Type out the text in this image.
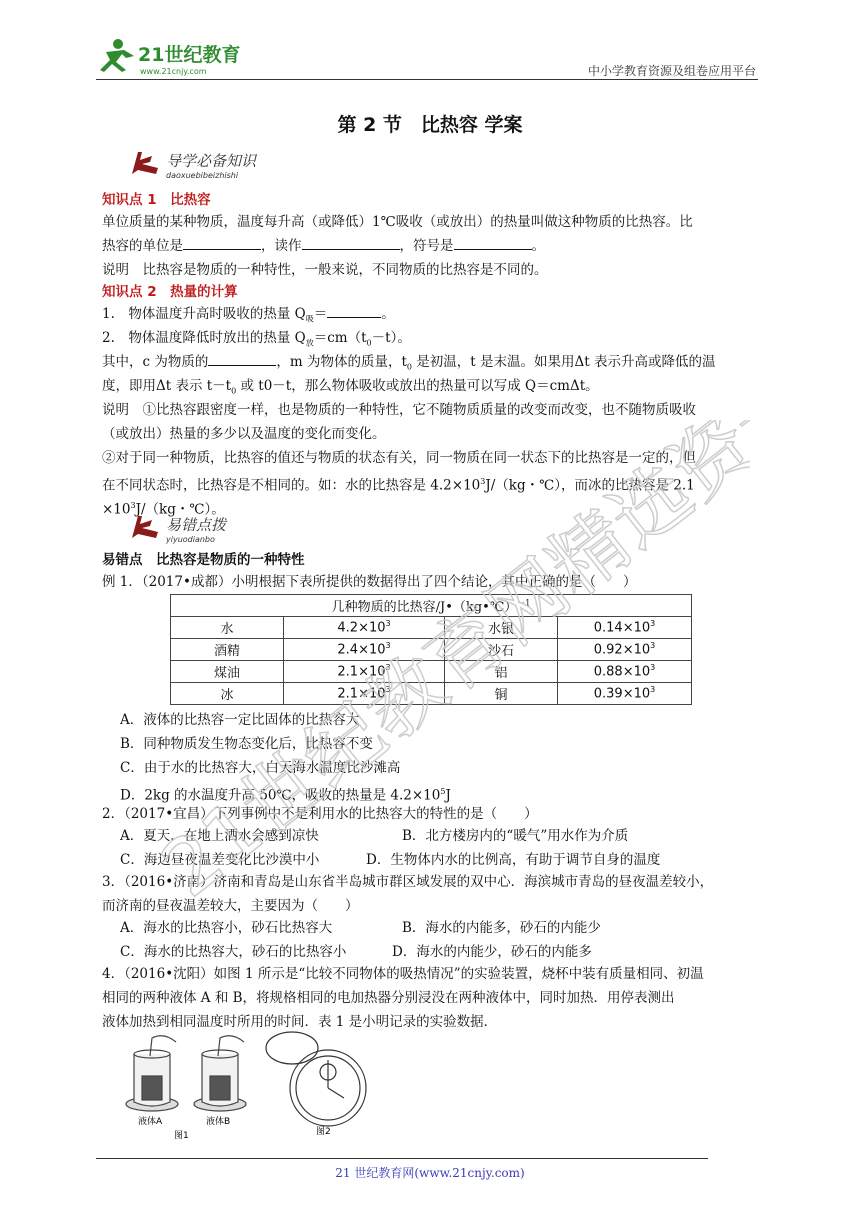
21世纪教育
www.21cnjy.com	中小学教育资源及组卷应用平台
第 2 节　比热容 学案
导学必备知识
daoxuebibeizhishi
知识点 1　比热容
单位质量的某种物质，温度每升高（或降低）1℃吸收（或放出）的热量叫做这种物质的比热容。比
热容的单位是	，读作	，符号是	。
说明　比热容是物质的一种特性，一般来说，不同物质的比热容是不同的。
知识点 2　热量的计算
1.　物体温度升高时吸收的热量 $Q_吸=$	。
2.　物体温度降低时放出的热量 $Q_放=cm(t_0-t)$。
其中，c 为物质的	，m 为物体的质量，$t_0$ 是初温，t 是末温。如果用Δt 表示升高或降低的温
度，即用Δt 表示 $t-t_0$ 或 t0－t，那么物体吸收或放出的热量可以写成 Q＝cmΔt。
说明　①比热容跟密度一样，也是物质的一种特性，它不随物质质量的改变而改变，也不随物质吸收
（或放出）热量的多少以及温度的变化而变化。
②对于同一种物质，比热容的值还与物质的状态有关，同一物质在同一状态下的比热容是一定的，但
在不同状态时，比热容是不相同的。如：水的比热容是 $4.2\times 10^3J/(kg$・℃），而冰的比热容是 2.1
$\times 10^3J/(kg$・℃）。
易错点拨
yiyuodianbo
易错点　比热容是物质的一种特性
例 1．（2017•成都）小明根据下表所提供的数据得出了四个结论，其中正确的是（　　）
几种物质的比热容/J•（kg•℃）$^{-1}$
水	$4.2\times 10^3$	水银	$0.14\times 10^3$
酒精	$2.4\times 10^3$	沙石	$0.92\times 10^3$
煤油	$2.1\times 10^3$	铝	$0.88\times 10^3$
冰	$2.1\times 10^3$	铜	$0.39\times 10^3$
A．液体的比热容一定比固体的比热容大
B．同种物质发生物态变化后，比热容不变
C．由于水的比热容大，白天海水温度比沙滩高
D．2kg 的水温度升高 50℃，吸收的热量是 $4.2\times 10^5J$
2．（2017•宜昌）下列事例中不是利用水的比热容大的特性的是（　　）
A．夏天．在地上洒水会感到凉快	B．北方楼房内的“暖气”用水作为介质
C．海边昼夜温差变化比沙漠中小	D．生物体内水的比例高，有助于调节自身的温度
3．（2016•济南）济南和青岛是山东省半岛城市群区域发展的双中心．海滨城市青岛的昼夜温差较小，
而济南的昼夜温差较大，主要因为（　　）
A．海水的比热容小，砂石比热容大	B．海水的内能多，砂石的内能少
C．海水的比热容大，砂石的比热容小	D．海水的内能少，砂石的内能多
4．（2016•沈阳）如图 1 所示是“比较不同物体的吸热情况”的实验装置，烧杯中装有质量相同、初温
相同的两种液体 A 和 B，将规格相同的电加热器分别浸没在两种液体中，同时加热．用停表测出
液体加热到相同温度时所用的时间．表 1 是小明记录的实验数据．
液体A	液体B
图1	图2
21世纪教育网精选资料
21 世纪教育网(www.21cnjy.com)
